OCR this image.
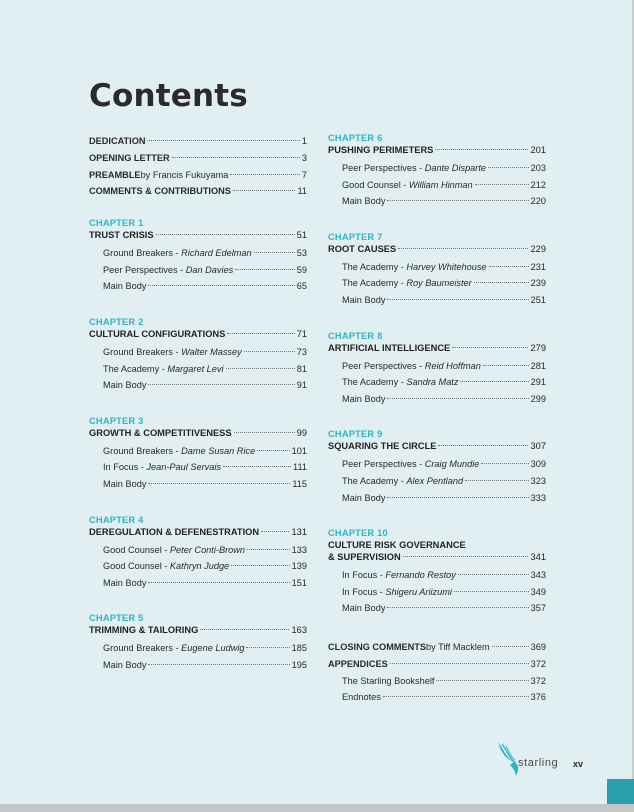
Contents
DEDICATION	1
OPENING LETTER	3
PREAMBLE by Francis Fukuyama	7
COMMENTS & CONTRIBUTIONS	11
CHAPTER 1
TRUST CRISIS	51
Ground Breakers - Richard Edelman	53
Peer Perspectives - Dan Davies	59
Main Body	65
CHAPTER 2
CULTURAL CONFIGURATIONS	71
Ground Breakers - Walter Massey	73
The Academy - Margaret Levi	81
Main Body	91
CHAPTER 3
GROWTH & COMPETITIVENESS	99
Ground Breakers - Dame Susan Rice	101
In Focus - Jean-Paul Servais	111
Main Body	115
CHAPTER 4
DEREGULATION & DEFENESTRATION	131
Good Counsel - Peter Conti-Brown	133
Good Counsel - Kathryn Judge	139
Main Body	151
CHAPTER 5
TRIMMING & TAILORING	163
Ground Breakers - Eugene Ludwig	185
Main Body	195
CHAPTER 6
PUSHING PERIMETERS	201
Peer Perspectives - Dante Disparte	203
Good Counsel - William Hinman	212
Main Body	220
CHAPTER 7
ROOT CAUSES	229
The Academy - Harvey Whitehouse	231
The Academy - Roy Baumeister	239
Main Body	251
CHAPTER 8
ARTIFICIAL INTELLIGENCE	279
Peer Perspectives - Reid Hoffman	281
The Academy - Sandra Matz	291
Main Body	299
CHAPTER 9
SQUARING THE CIRCLE	307
Peer Perspectives - Craig Mundie	309
The Academy - Alex Pentland	323
Main Body	333
CHAPTER 10
CULTURE RISK GOVERNANCE
& SUPERVISION	341
In Focus - Fernando Restoy	343
In Focus - Shigeru Ariizumi	349
Main Body	357
CLOSING COMMENTS by Tiff Macklem	369
APPENDICES	372
The Starling Bookshelf	372
Endnotes	376
starling xv
